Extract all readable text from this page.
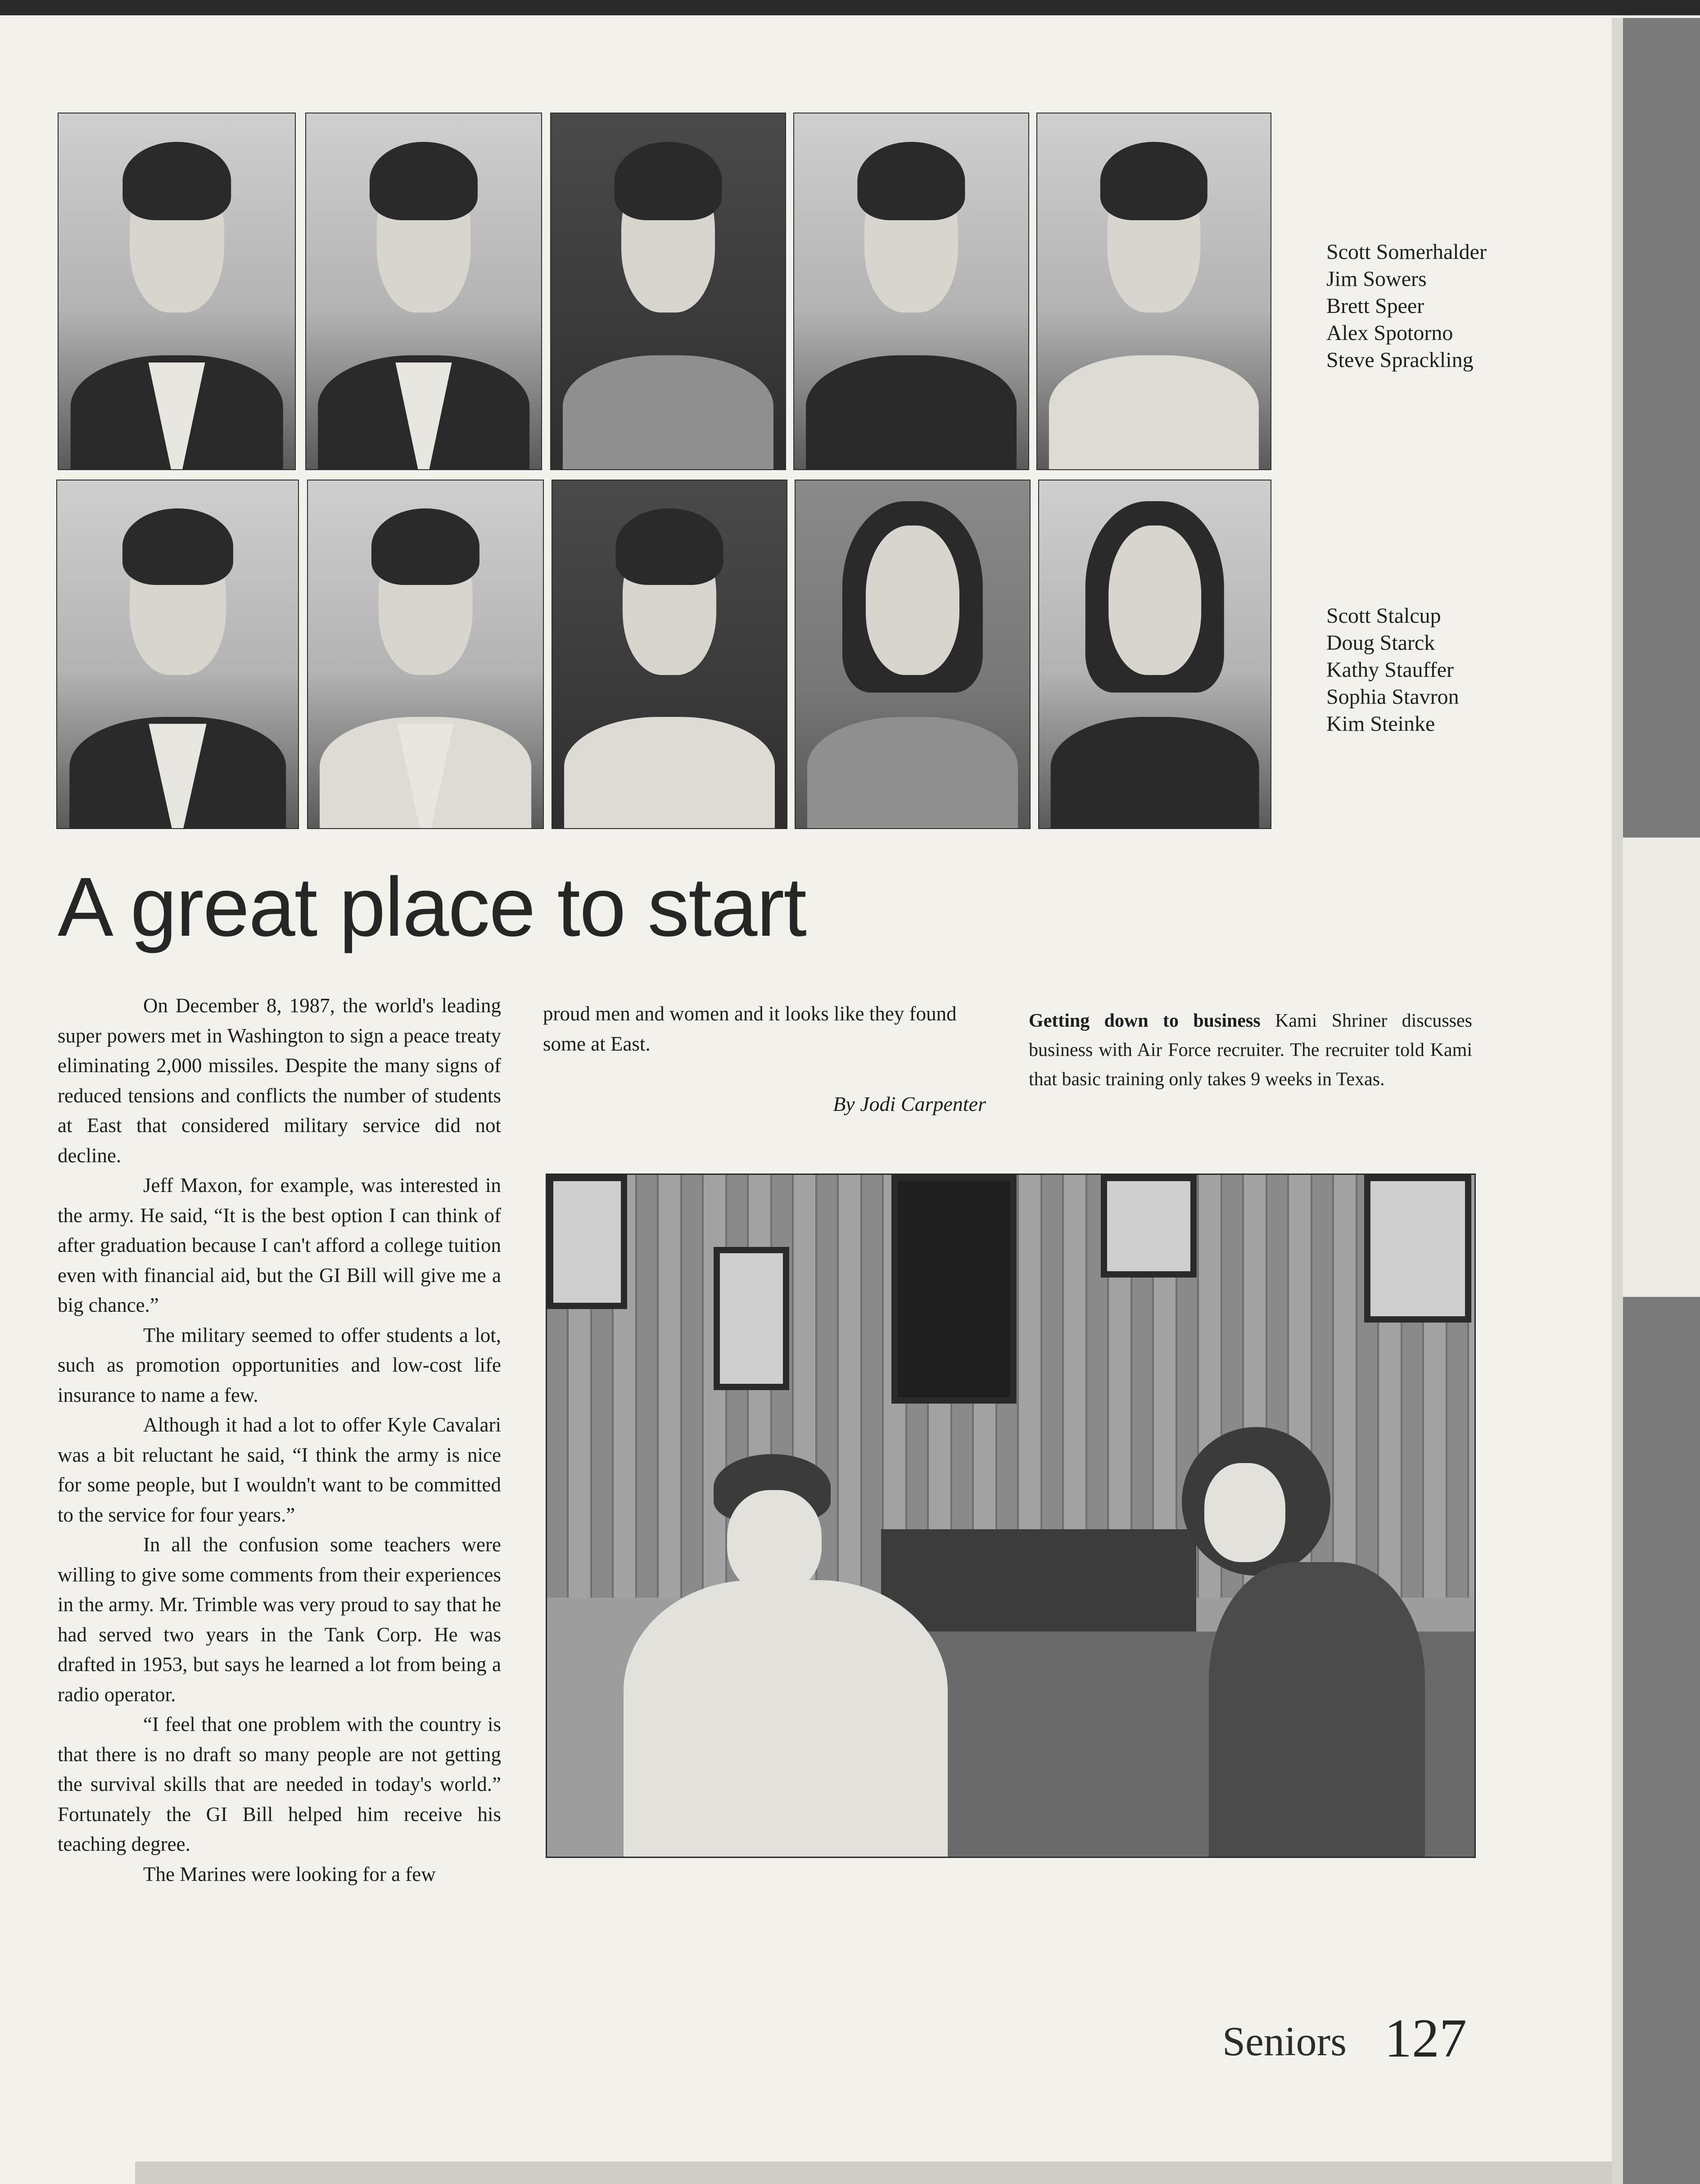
Scott Somerhalder
Jim Sowers
Brett Speer
Alex Spotorno
Steve Sprackling
Scott Stalcup
Doug Starck
Kathy Stauffer
Sophia Stavron
Kim Steinke
A great place to start

On December 8, 1987, the world's leading super powers met in Washington to sign a peace treaty eliminating 2,000 missiles. Despite the many signs of reduced tensions and conflicts the number of students at East that considered military service did not decline.

Jeff Maxon, for example, was interested in the army. He said, “It is the best option I can think of after graduation because I can't afford a college tuition even with financial aid, but the GI Bill will give me a big chance.”

The military seemed to offer students a lot, such as promotion opportunities and low-cost life insurance to name a few.

Although it had a lot to offer Kyle Cavalari was a bit reluctant he said, “I think the army is nice for some people, but I wouldn't want to be committed to the service for four years.”

In all the confusion some teachers were willing to give some comments from their experiences in the army. Mr. Trimble was very proud to say that he had served two years in the Tank Corp. He was drafted in 1953, but says he learned a lot from being a radio operator.

“I feel that one problem with the country is that there is no draft so many people are not getting the survival skills that are needed in today's world.” Fortunately the GI Bill helped him receive his teaching degree.

The Marines were looking for a few

proud men and women and it looks like they found some at East.

By Jodi Carpenter
Getting down to business Kami Shriner discusses business with Air Force recruiter. The recruiter told Kami that basic training only takes 9 weeks in Texas.
Seniors 127
